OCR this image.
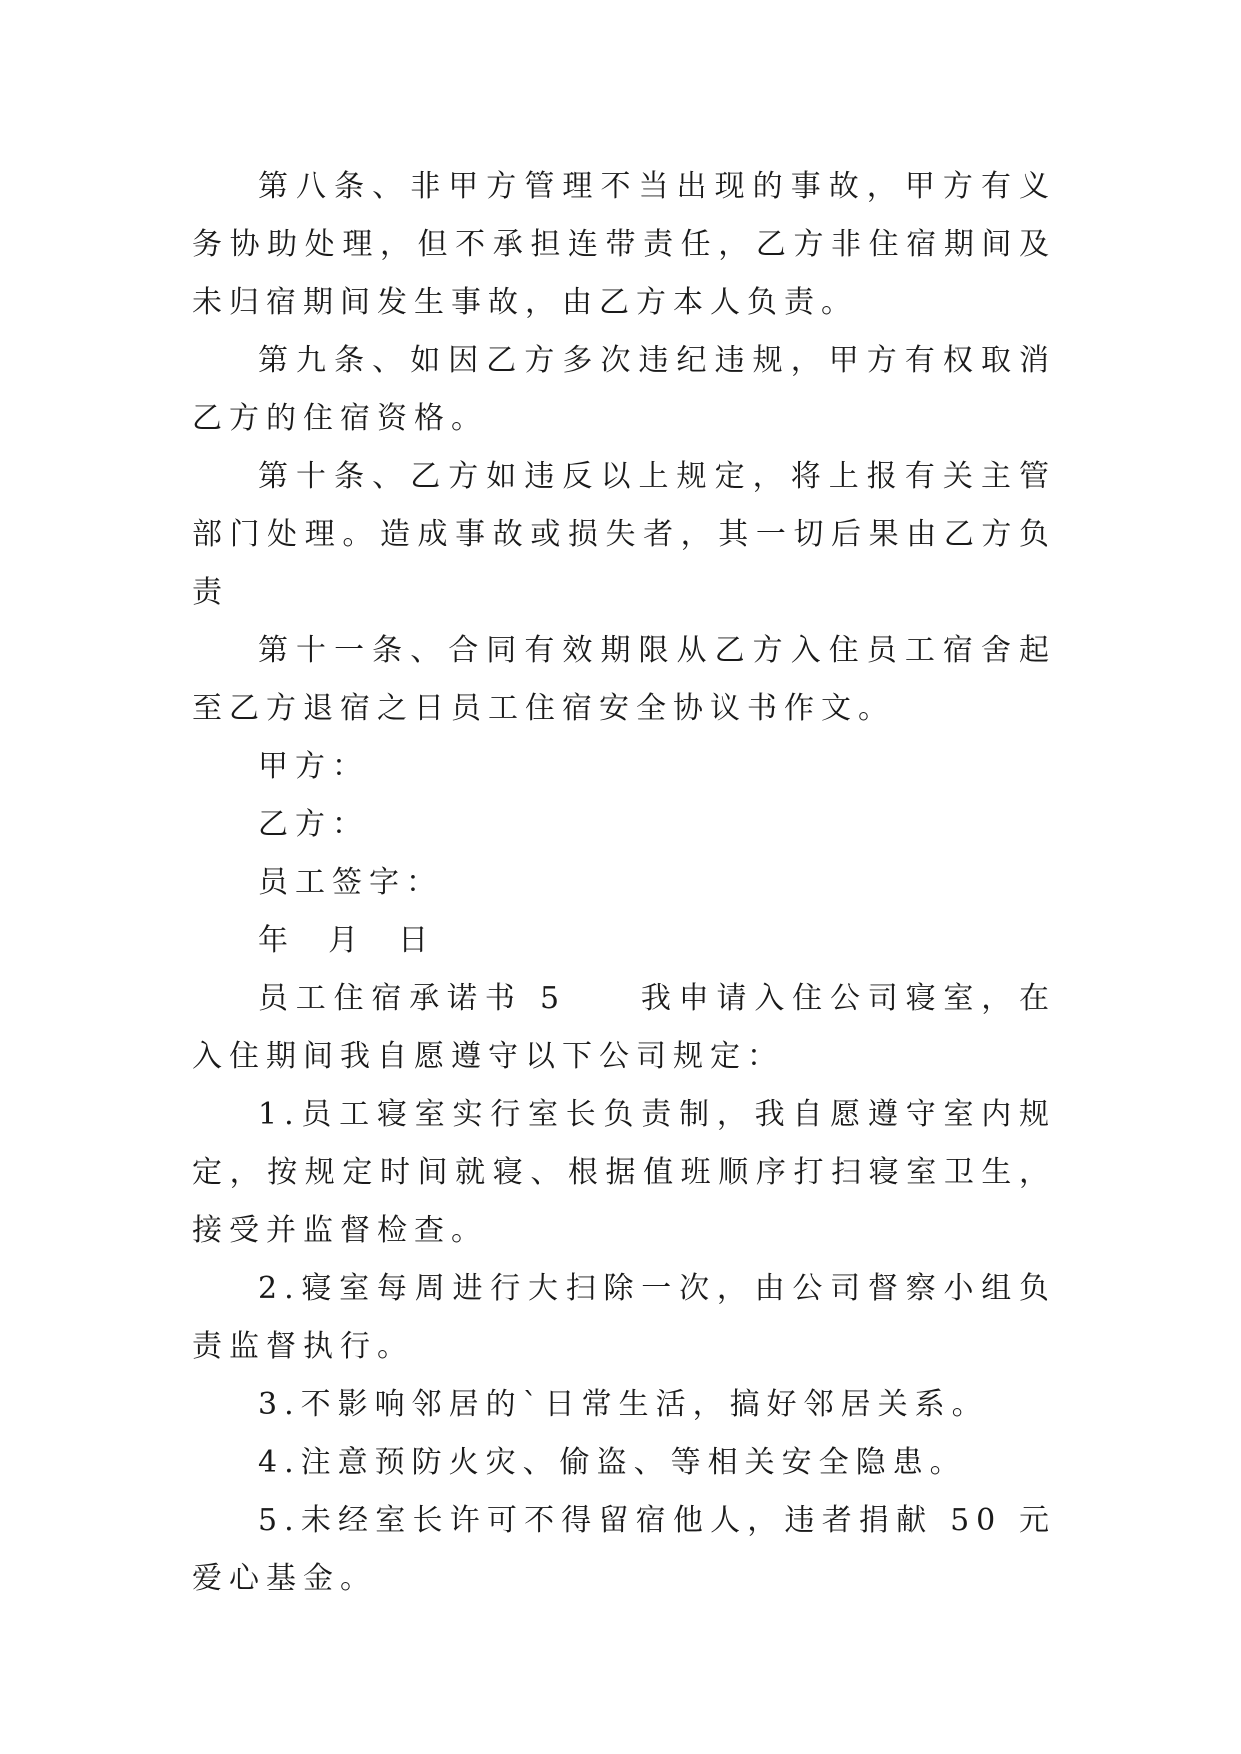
第八条、非甲方管理不当出现的事故，甲方有义务协助处理，但不承担连带责任，乙方非住宿期间及未归宿期间发生事故，由乙方本人负责。

第九条、如因乙方多次违纪违规，甲方有权取消乙方的住宿资格。

第十条、乙方如违反以上规定，将上报有关主管部门处理。造成事故或损失者，其一切后果由乙方负责

第十一条、合同有效期限从乙方入住员工宿舍起至乙方退宿之日员工住宿安全协议书作文。

甲方：

乙方：

员工签字：

年  月  日

员工住宿承诺书 5 我申请入住公司寝室，在入住期间我自愿遵守以下公司规定：

1.员工寝室实行室长负责制，我自愿遵守室内规定，按规定时间就寝、根据值班顺序打扫寝室卫生，接受并监督检查。

2.寝室每周进行大扫除一次，由公司督察小组负责监督执行。

3.不影响邻居的`日常生活，搞好邻居关系。

4.注意预防火灾、偷盗、等相关安全隐患。

5.未经室长许可不得留宿他人，违者捐献 50 元爱心基金。
